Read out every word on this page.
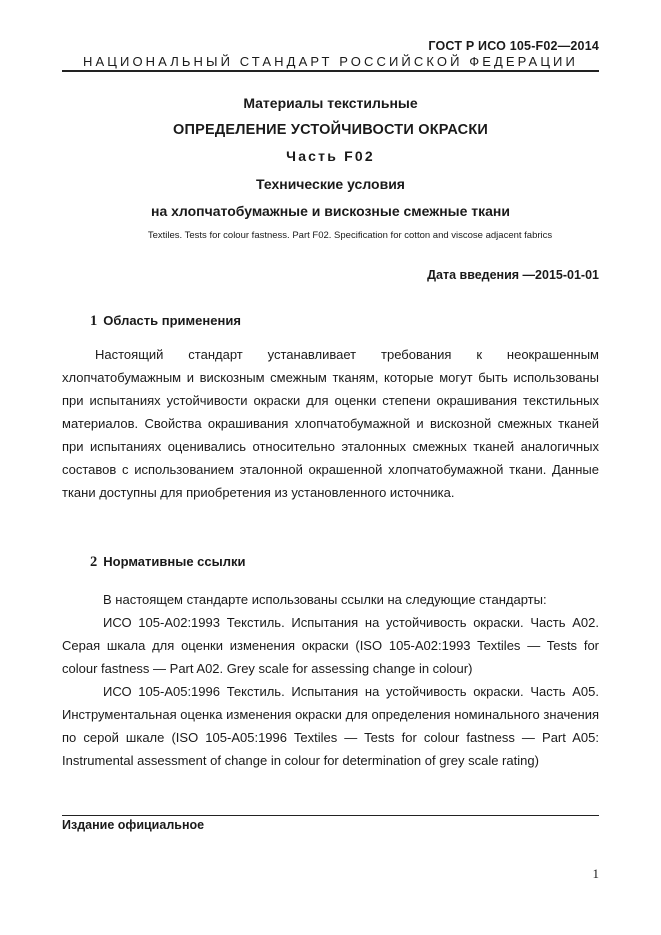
ГОСТ Р ИСО 105-F02—2014
НАЦИОНАЛЬНЫЙ СТАНДАРТ РОССИЙСКОЙ ФЕДЕРАЦИИ
Материалы текстильные
ОПРЕДЕЛЕНИЕ УСТОЙЧИВОСТИ ОКРАСКИ
Часть F02
Технические условия
на хлопчатобумажные и вискозные смежные ткани
Textiles. Tests for colour fastness. Part F02. Specification for cotton and viscose adjacent fabrics
Дата введения —2015-01-01
1 Область применения
Настоящий стандарт устанавливает требования к неокрашенным хлопчатобумажным и вискозным смежным тканям, которые могут быть использованы при испытаниях устойчивости окраски для оценки степени окрашивания текстильных материалов. Свойства окрашивания хлопчатобумажной и вискозной смежных тканей при испытаниях оценивались относительно эталонных смежных тканей аналогичных составов с использованием эталонной окрашенной хлопчатобумажной ткани. Данные ткани доступны для приобретения из установленного источника.
2 Нормативные ссылки
В настоящем стандарте использованы ссылки на следующие стандарты:
ИСО 105-A02:1993 Текстиль. Испытания на устойчивость окраски. Часть A02. Серая шкала для оценки изменения окраски (ISO 105-A02:1993 Textiles — Tests for colour fastness — Part A02. Grey scale for assessing change in colour)
ИСО 105-A05:1996 Текстиль. Испытания на устойчивость окраски. Часть A05. Инструментальная оценка изменения окраски для определения номинального значения по серой шкале (ISO 105-A05:1996 Textiles — Tests for colour fastness — Part A05: Instrumental assessment of change in colour for determination of grey scale rating)
Издание официальное
1
